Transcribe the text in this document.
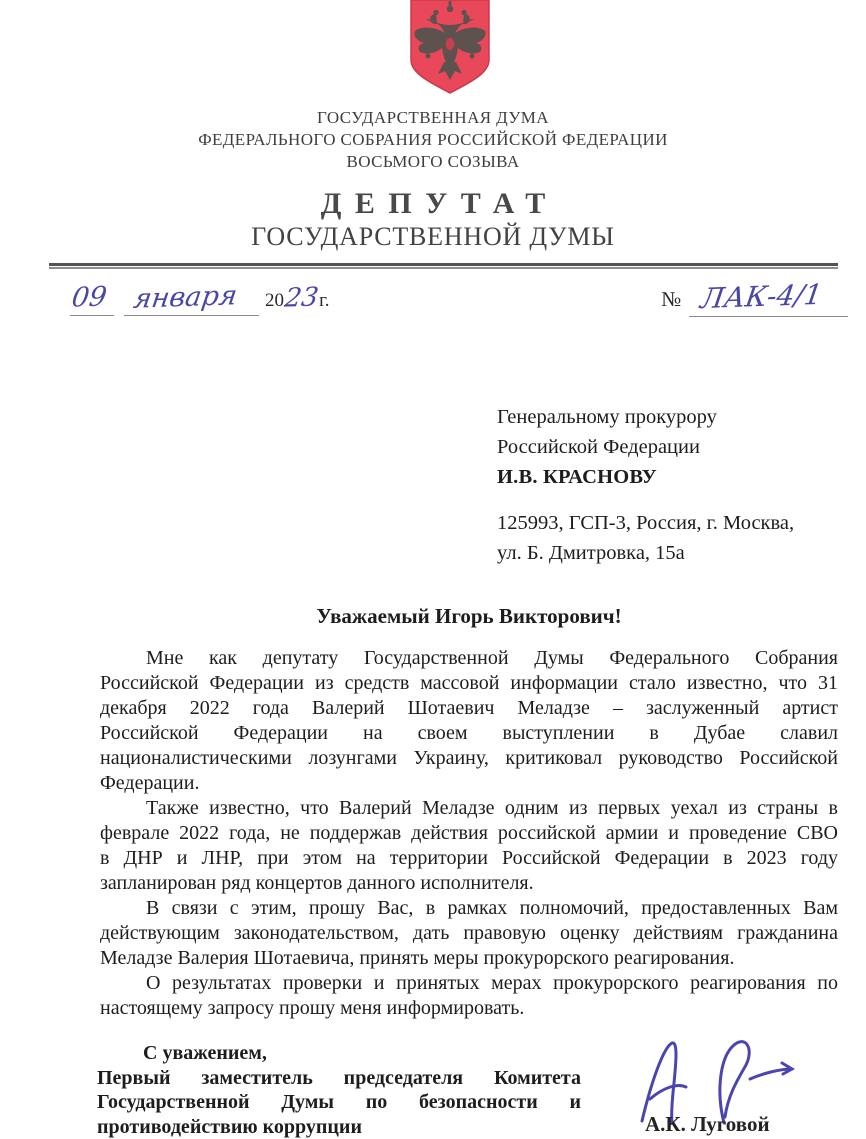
ГОСУДАРСТВЕННАЯ ДУМА
ФЕДЕРАЛЬНОГО СОБРАНИЯ РОССИЙСКОЙ ФЕДЕРАЦИИ
ВОСЬМОГО СОЗЫВА
ДЕПУТАТ
ГОСУДАРСТВЕННОЙ ДУМЫ
09 января	20
23
г.	№ ЛАК-4/1
Генеральному прокурору
Российской Федерации
И.В. КРАСНОВУ
125993, ГСП-3, Россия, г. Москва,
ул. Б. Дмитровка, 15а
Уважаемый Игорь Викторович!
Мне как депутату Государственной Думы Федерального Собрания
Российской Федерации из средств массовой информации стало известно, что 31
декабря 2022 года Валерий Шотаевич Меладзе – заслуженный артист
Российской Федерации на своем выступлении в Дубае славил
националистическими лозунгами Украину, критиковал руководство Российской
Федерации.
Также известно, что Валерий Меладзе одним из первых уехал из страны в
феврале 2022 года, не поддержав действия российской армии и проведение СВО
в ДНР и ЛНР, при этом на территории Российской Федерации в 2023 году
запланирован ряд концертов данного исполнителя.
В связи с этим, прошу Вас, в рамках полномочий, предоставленных Вам
действующим законодательством, дать правовую оценку действиям гражданина
Меладзе Валерия Шотаевича, принять меры прокурорского реагирования.
О результатах проверки и принятых мерах прокурорского реагирования по
настоящему запросу прошу меня информировать.
С уважением,
Первый заместитель председателя Комитета
Государственной Думы по безопасности и
противодействию коррупции	А.К. Луговой
